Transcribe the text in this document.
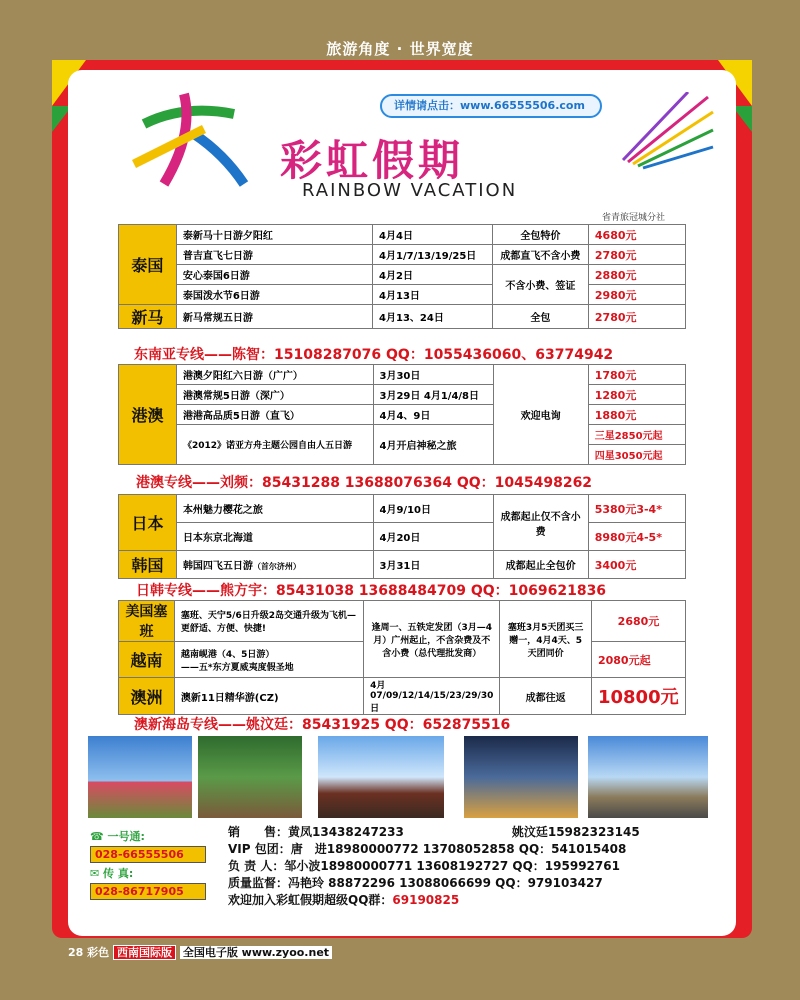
旅游角度 · 世界宽度
彩虹假期
RAINBOW VACATION
详情请点击：www.66555506.com
省青旅冠城分社
泰国	泰新马十日游夕阳红	4月4日	全包特价	4680元
	普吉直飞七日游	4月1/7/13/19/25日	成都直飞不含小费	2780元
	安心泰国6日游	4月2日	不含小费、签证	2880元
	泰国泼水节6日游	4月13日		2980元
新马	新马常规五日游	4月13、24日	全包	2780元
东南亚专线——陈智：15108287076 QQ：1055436060、63774942
港澳	港澳夕阳红六日游（广广）	3月30日	欢迎电询	1780元
	港澳常规5日游（深广）	3月29日 4月1/4/8日		1280元
	港港高品质5日游（直飞）	4月4、9日		1880元
	《2012》诺亚方舟主题公园自由人五日游	4月开启神秘之旅		三星2850元起
				四星3050元起
港澳专线——刘频：85431288 13688076364 QQ：1045498262
日本	本州魅力樱花之旅	4月9/10日	成都起止仅不含小费	5380元3-4*
	日本东京北海道	4月20日		8980元4-5*
韩国	韩国四飞五日游（首尔济州）	3月31日	成都起止全包价	3400元
日韩专线——熊方宇：85431038 13688484709 QQ：1069621836
美国塞班	塞班、天宁5/6日升级2岛交通升级为飞机—更舒适、方便、快捷!	逢周一、五铁定发团（3月—4月）广州起止，不含杂费及不含小费（总代理批发商）	塞班3月5天团买三赠一，4月4天、5天团同价	2680元
越南	越南岘港（4、5日游）
——五*东方夏威夷度假圣地			2080元起
澳洲	澳新11日精华游(CZ)	4月07/09/12/14/15/23/29/30日	成都往返	10800元
澳新海岛专线——姚汶廷：85431925 QQ：652875516
☎ 一号通:
028-66555506
✉ 传 真:
028-86717905
销　　售：黄凤13438247233　　　　　　　　　姚汶廷15982323145
VIP 包团：唐　进18980000772 13708052858 QQ：541015408
负 责 人：邹小波18980000771 13608192727 QQ：195992761
质量监督：冯艳玲 88872296 13088066699 QQ：979103427
欢迎加入彩虹假期超级QQ群：69190825
28 彩色 西南国际版 全国电子版 www.zyoo.net
